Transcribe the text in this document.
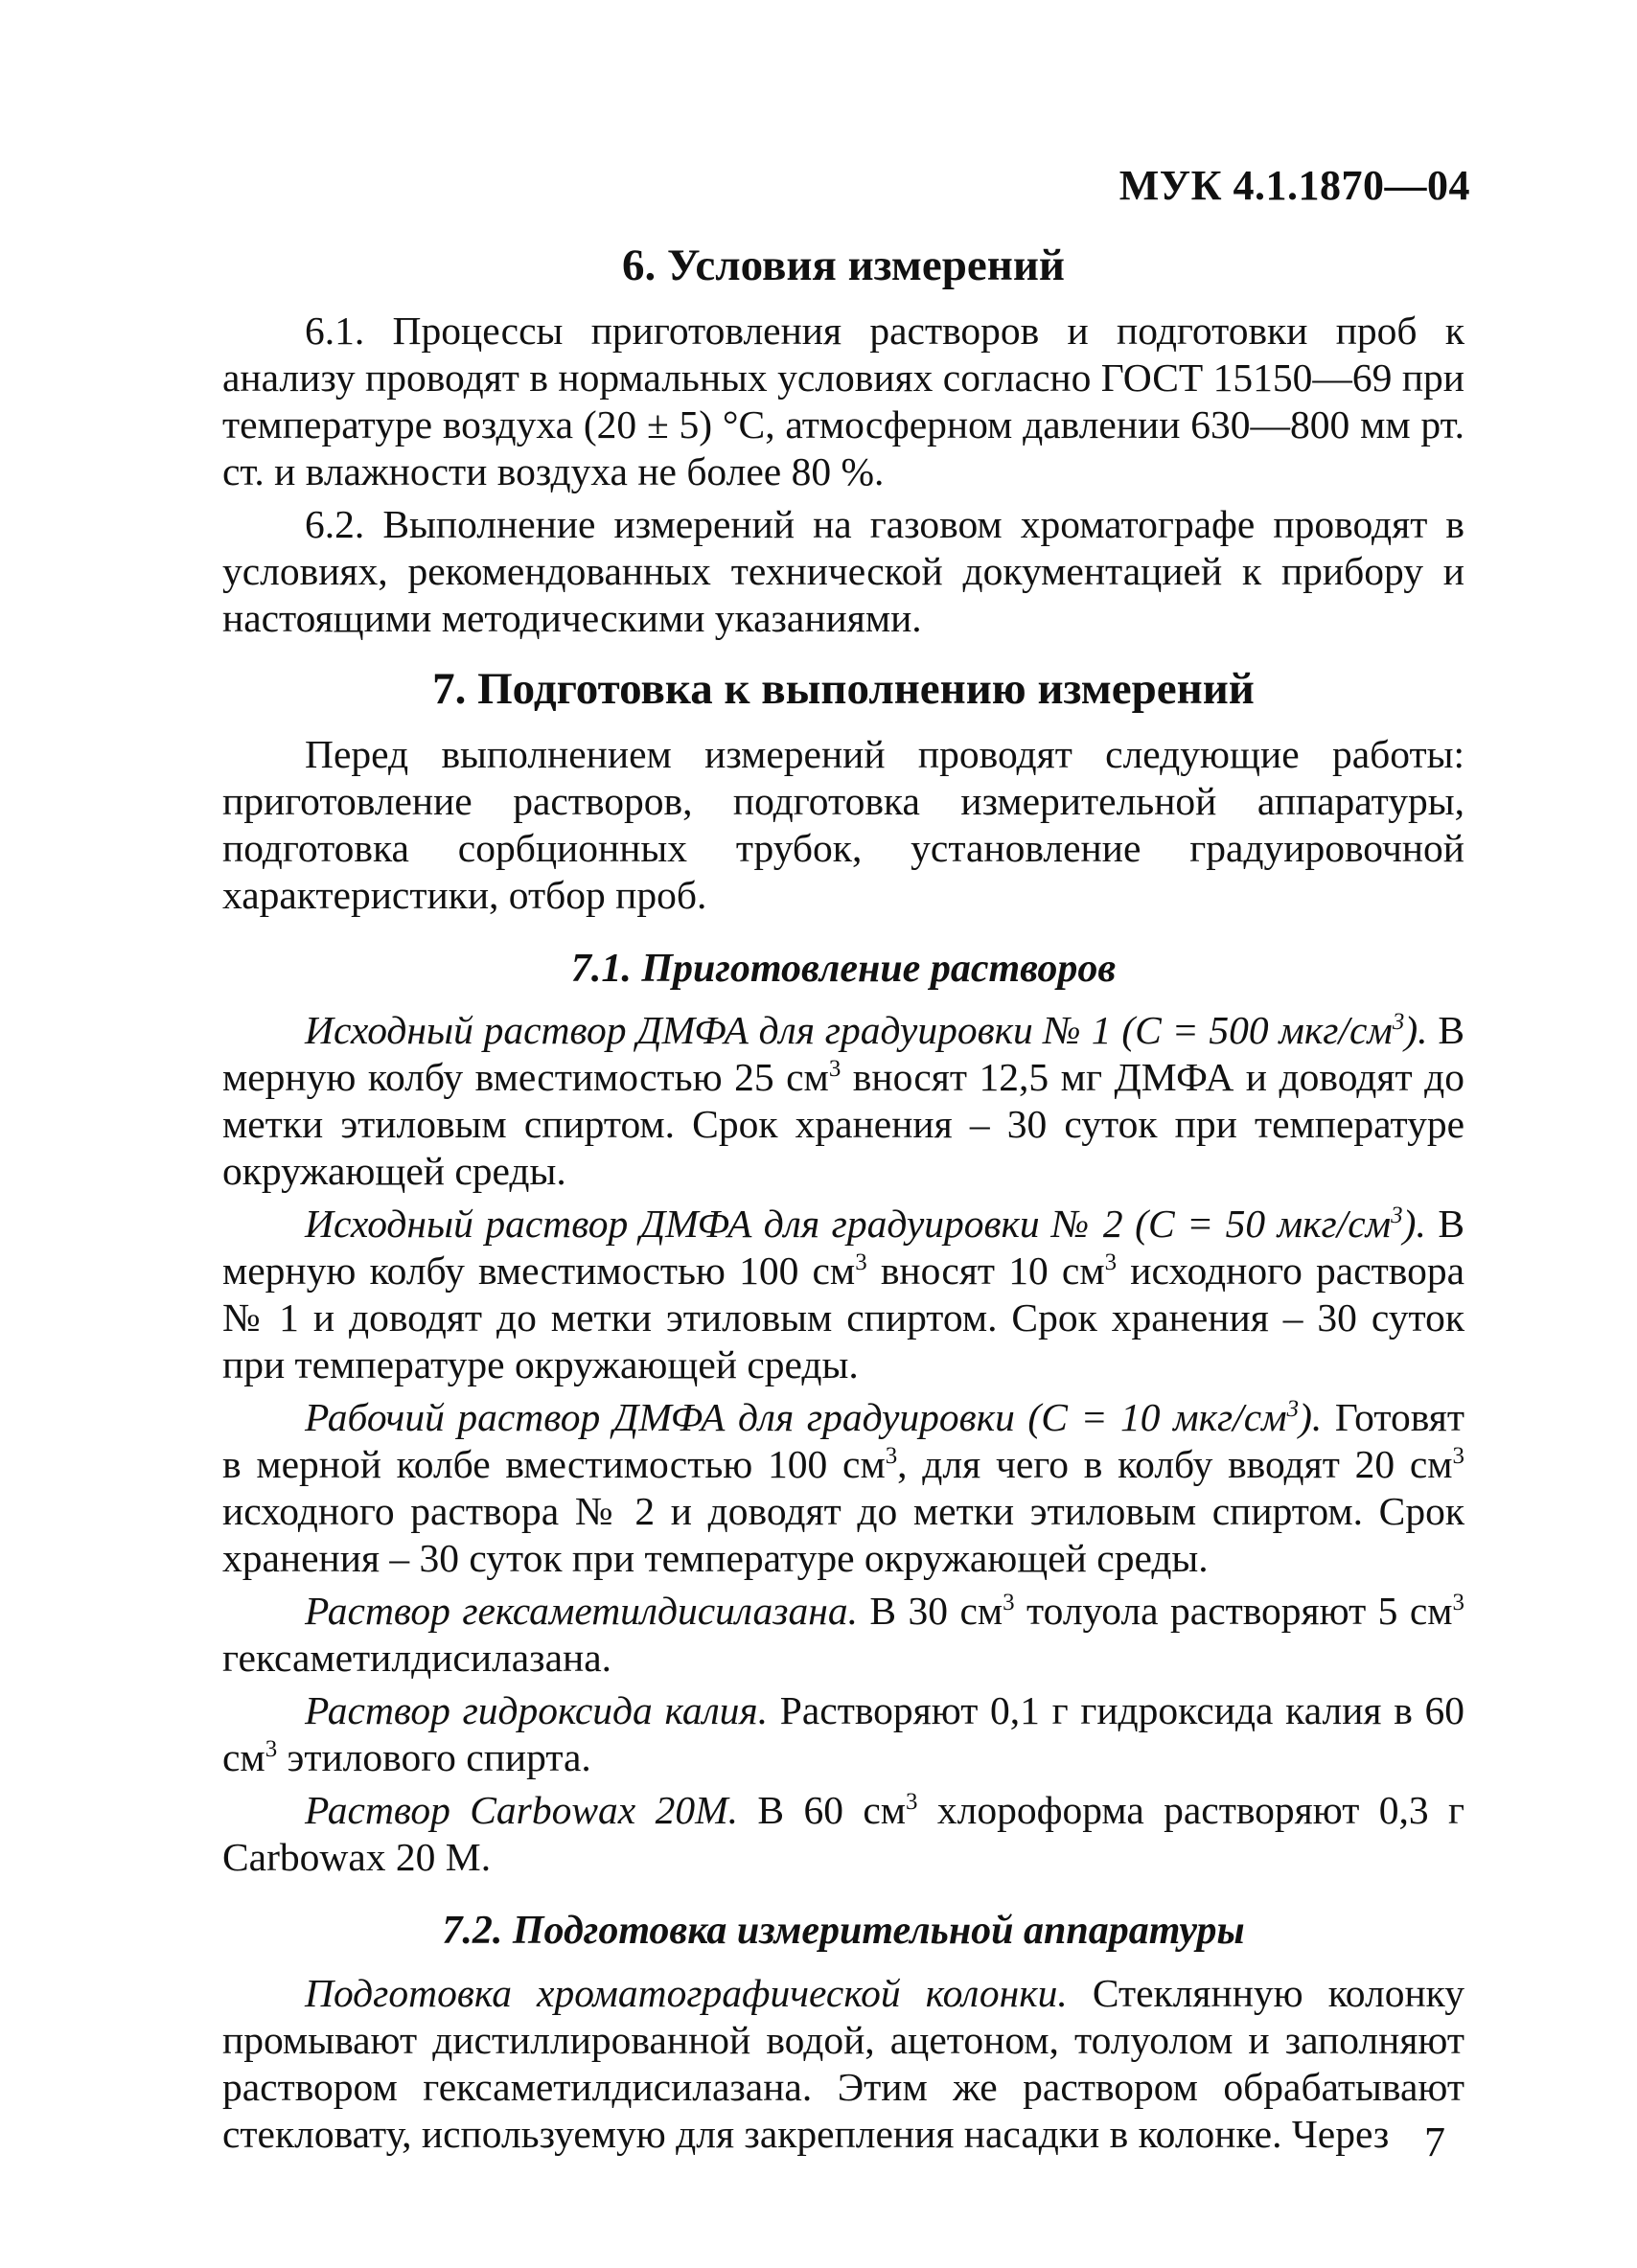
МУК 4.1.1870—04
6. Условия измерений

6.1. Процессы приготовления растворов и подготовки проб к анализу проводят в нормальных условиях согласно ГОСТ 15150—69 при температуре воздуха (20 ± 5) °С, атмосферном давлении 630—800 мм рт. ст. и влажности воздуха не более 80 %.

6.2. Выполнение измерений на газовом хроматографе проводят в условиях, рекомендованных технической документацией к прибору и настоящими методическими указаниями.

7. Подготовка к выполнению измерений

Перед выполнением измерений проводят следующие работы: приготовление растворов, подготовка измерительной аппаратуры, подготовка сорбционных трубок, установление градуировочной характеристики, отбор проб.

7.1. Приготовление растворов

Исходный раствор ДМФА для градуировки № 1 (С = 500 мкг/$см^3$). В мерную колбу вместимостью 25 $см^3$ вносят 12,5 мг ДМФА и доводят до метки этиловым спиртом. Срок хранения – 30 суток при температуре окружающей среды.

Исходный раствор ДМФА для градуировки № 2 (С = 50 мкг/$см^3$). В мерную колбу вместимостью 100 $см^3$ вносят 10 $см^3$ исходного раствора № 1 и доводят до метки этиловым спиртом. Срок хранения – 30 суток при температуре окружающей среды.

Рабочий раствор ДМФА для градуировки (С = 10 мкг/$см^3$). Готовят в мерной колбе вместимостью 100 $см^3$, для чего в колбу вводят 20 $см^3$ исходного раствора № 2 и доводят до метки этиловым спиртом. Срок хранения – 30 суток при температуре окружающей среды.

Раствор гексаметилдисилазана. В 30 $см^3$ толуола растворяют 5 $см^3$ гексаметилдисилазана.

Раствор гидроксида калия. Растворяют 0,1 г гидроксида калия в 60 $см^3$ этилового спирта.

Раствор Carbowax 20M. В 60 $см^3$ хлороформа растворяют 0,3 г Carbowax 20 M.

7.2. Подготовка измерительной аппаратуры

Подготовка хроматографической колонки. Стеклянную колонку промывают дистиллированной водой, ацетоном, толуолом и заполняют раствором гексаметилдисилазана. Этим же раствором обрабатывают стекловату, используемую для закрепления насадки в колонке. Через 7
